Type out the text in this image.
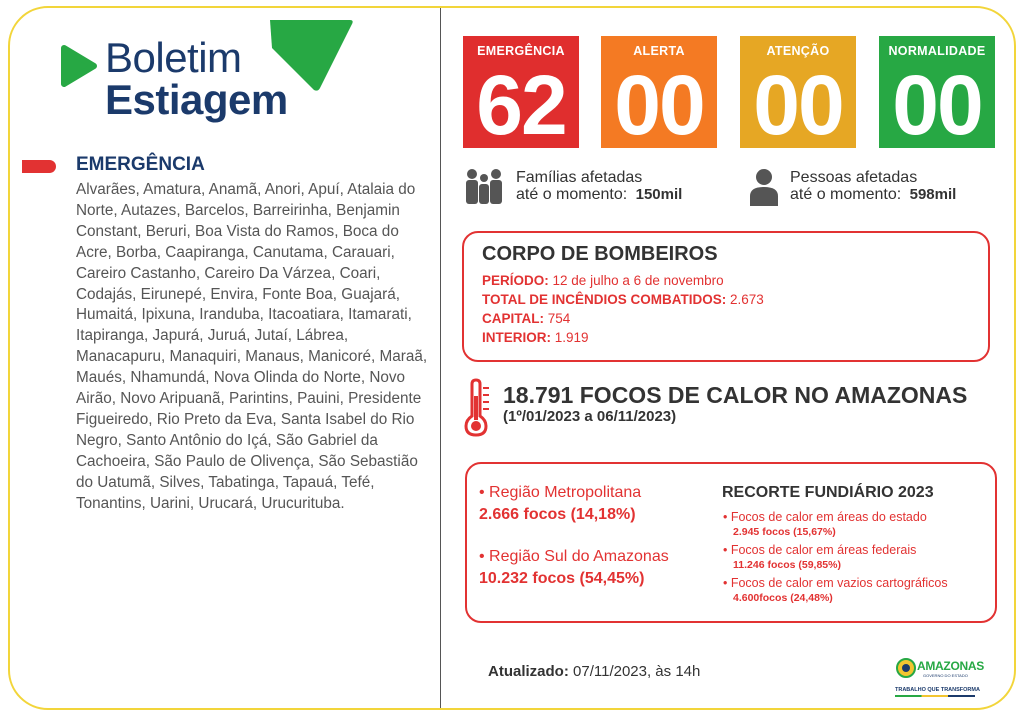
Boletim
Estiagem
EMERGÊNCIA
Alvarães, Amatura, Anamã, Anori, Apuí, Atalaia do Norte, Autazes, Barcelos, Barreirinha, Benjamin Constant, Beruri, Boa Vista do Ramos, Boca do Acre, Borba, Caapiranga, Canutama, Carauari, Careiro Castanho, Careiro Da Várzea, Coari, Codajás, Eirunepé, Envira, Fonte Boa, Guajará, Humaitá, Ipixuna, Iranduba, Itacoatiara, Itamarati, Itapiranga, Japurá, Juruá, Jutaí, Lábrea, Manacapuru, Manaquiri, Manaus, Manicoré, Maraã, Maués, Nhamundá, Nova Olinda do Norte, Novo Airão, Novo Aripuanã, Parintins, Pauini, Presidente Figueiredo, Rio Preto da Eva, Santa Isabel do Rio Negro, Santo Antônio do Içá, São Gabriel da Cachoeira, São Paulo de Olivença, São Sebastião do Uatumã, Silves, Tabatinga, Tapauá, Tefé, Tonantins, Uarini, Urucará, Urucurituba.
EMERGÊNCIA
62
ALERTA
00
ATENÇÃO
00
NORMALIDADE
00
Famílias afetadas
até o momento: 150mil
Pessoas afetadas
até o momento: 598mil
CORPO DE BOMBEIROS
PERÍODO: 12 de julho a 6 de novembro
TOTAL DE INCÊNDIOS COMBATIDOS: 2.673
CAPITAL: 754
INTERIOR: 1.919
18.791 FOCOS DE CALOR NO AMAZONAS
(1º/01/2023 a 06/11/2023)
• Região Metropolitana
2.666 focos (14,18%)
• Região Sul do Amazonas
10.232 focos (54,45%)
RECORTE FUNDIÁRIO 2023
• Focos de calor em áreas do estado
2.945 focos (15,67%)
• Focos de calor em áreas federais
11.246 focos (59,85%)
• Focos de calor em vazios cartográficos
4.600focos (24,48%)
Atualizado: 07/11/2023, às 14h	AMAZONAS
GOVERNO DO ESTADO
TRABALHO QUE TRANSFORMA
